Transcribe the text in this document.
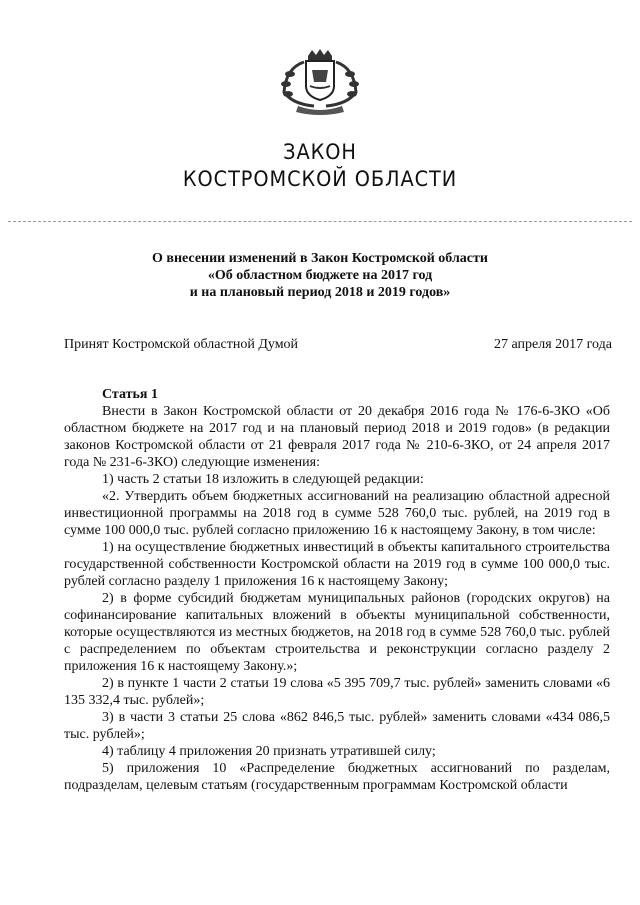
ЗАКОН
КОСТРОМСКОЙ ОБЛАСТИ
О внесении изменений в Закон Костромской области
«Об областном бюджете на 2017 год
и на плановый период 2018 и 2019 годов»
Принят Костромской областной Думой	27 апреля 2017 года
Статья 1

Внести в Закон Костромской области от 20 декабря 2016 года № 176-6-ЗКО «Об областном бюджете на 2017 год и на плановый период 2018 и 2019 годов» (в редакции законов Костромской области от 21 февраля 2017 года № 210-6-ЗКО, от 24 апреля 2017 года № 231-6-ЗКО) следующие изменения:

1) часть 2 статьи 18 изложить в следующей редакции:

«2. Утвердить объем бюджетных ассигнований на реализацию областной адресной инвестиционной программы на 2018 год в сумме 528 760,0 тыс. рублей, на 2019 год в сумме 100 000,0 тыс. рублей согласно приложению 16 к настоящему Закону, в том числе:

1) на осуществление бюджетных инвестиций в объекты капитального строительства государственной собственности Костромской области на 2019 год в сумме 100 000,0 тыс. рублей согласно разделу 1 приложения 16 к настоящему Закону;

2) в форме субсидий бюджетам муниципальных районов (городских округов) на софинансирование капитальных вложений в объекты муниципальной собственности, которые осуществляются из местных бюджетов, на 2018 год в сумме 528 760,0 тыс. рублей с распределением по объектам строительства и реконструкции согласно разделу 2 приложения 16 к настоящему Закону.»;

2) в пункте 1 части 2 статьи 19 слова «5 395 709,7 тыс. рублей» заменить словами «6 135 332,4 тыс. рублей»;

3) в части 3 статьи 25 слова «862 846,5 тыс. рублей» заменить словами «434 086,5 тыс. рублей»;

4) таблицу 4 приложения 20 признать утратившей силу;

5) приложения 10 «Распределение бюджетных ассигнований по разделам, подразделам, целевым статьям (государственным программам Костромской области
